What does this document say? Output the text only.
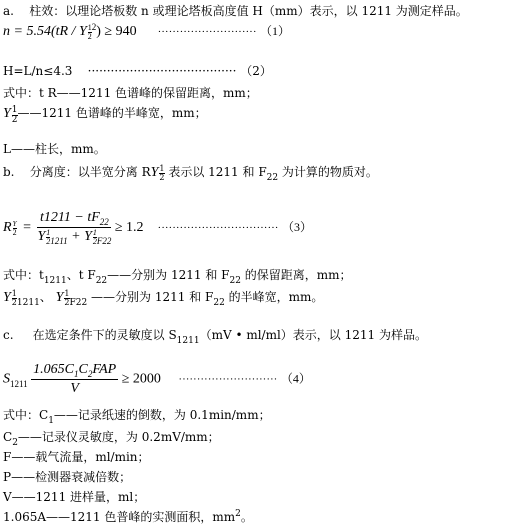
a. 柱效：以理论塔板数 n 或理论塔板高度值 H（mm）表示，以 1211 为测定样品。
n = 5.54(tR / Y $\frac{1}{2} ^2) \ge 940$ ··························· （1）
H=L/n≤4.3 ······································· （2）
式中：t R——1211 色谱峰的保留距离，mm；
Y $\frac{1}{2}$ ——1211 色谱峰的半峰宽，mm；
L——柱长，mm。
b. 分离度：以半宽分离 RY $\frac{1}{2}$ 表示以 1211 和 $F_{22}$ 为计算的物质对。
R $\frac{Y}{2} = \frac{t1211 - tF_{22}}{Y \frac{1}{2} _{1211} + Y \frac{1}{2} _{F22}} \ge 1.2$ ································· （3）
式中：$t_{1211}$、t $F_{22}——$分别为 1211 和 $F_{22}$ 的保留距离，mm；
Y $\frac{1}{2} _{1211}$、 Y $\frac{1}{2} _{F22}$ ——分别为 1211 和 $F_{22}$ 的半峰宽，mm。
c. 在选定条件下的灵敏度以 $S_{1211}(mV$ • ml/ml）表示，以 1211 为样品。
$S_{1211} \frac{1.065C_1C_2FAP}{V} \ge 2000$ ··························· （4）
式中：$C_1——$记录纸速的倒数，为 0.1min/mm；
$C_2——$记录仪灵敏度，为 0.2mV/mm；
F——载气流量，ml/min；
P——检测器衰减倍数；
V——1211 进样量，ml；
1.065A——1211 色普峰的实测面积，$mm^2$。
